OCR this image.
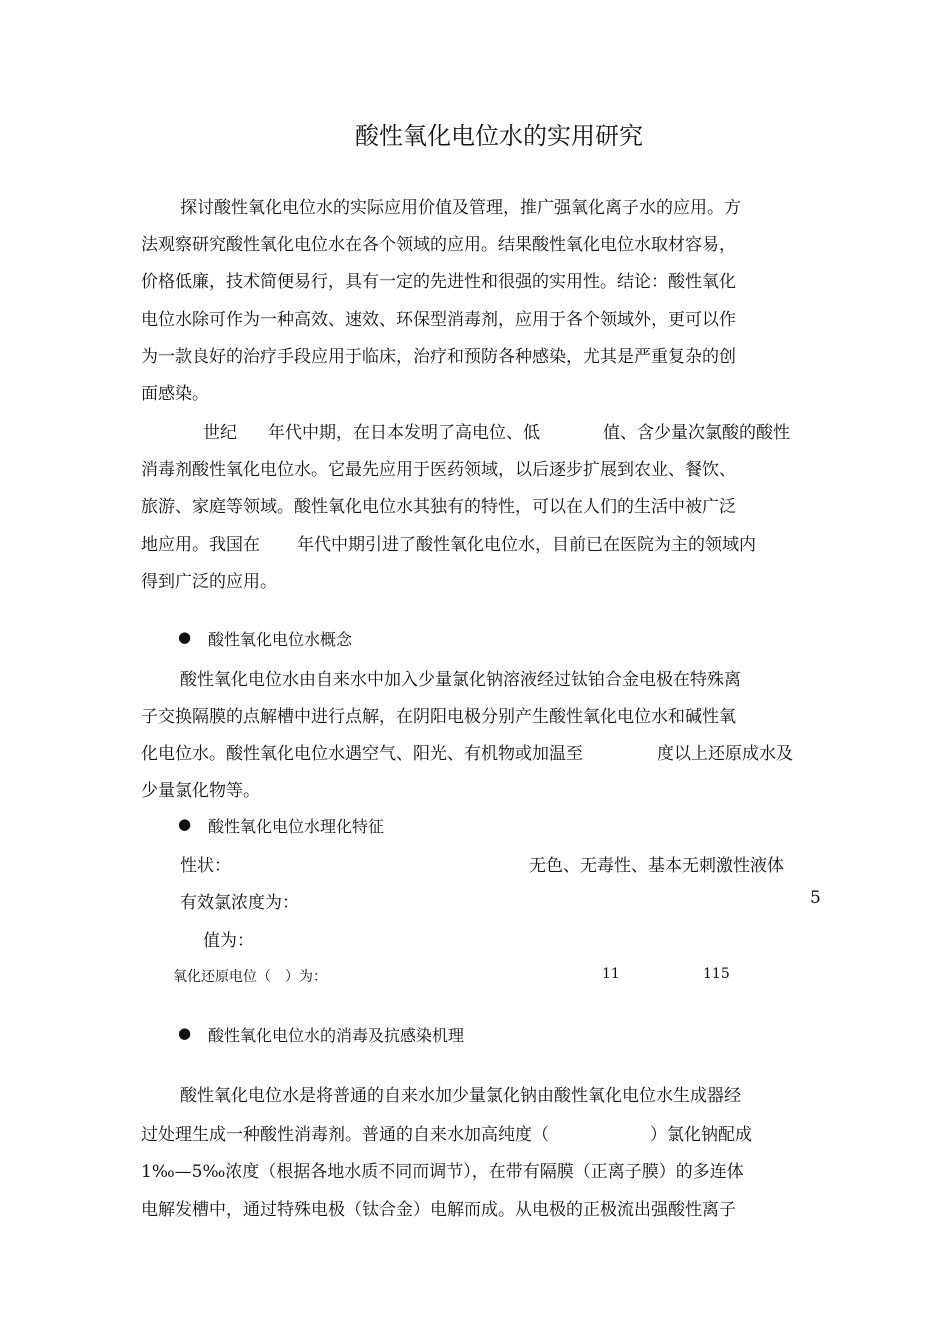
酸性氧化电位水的实用研究
探讨酸性氧化电位水的实际应用价值及管理，推广强氧化离子水的应用。方
法观察研究酸性氧化电位水在各个领域的应用。结果酸性氧化电位水取材容易，
价格低廉，技术简便易行，具有一定的先进性和很强的实用性。结论：酸性氧化
电位水除可作为一种高效、速效、环保型消毒剂，应用于各个领域外，更可以作
为一款良好的治疗手段应用于临床，治疗和预防各种感染，尤其是严重复杂的创
面感染。
世纪 年代中期，在日本发明了高电位、低	值、含少量次氯酸的酸性
消毒剂酸性氧化电位水。它最先应用于医药领域，以后逐步扩展到农业、餐饮、
旅游、家庭等领域。酸性氧化电位水其独有的特性，可以在人们的生活中被广泛
地应用。我国在 年代中期引进了酸性氧化电位水，目前已在医院为主的领域内
得到广泛的应用。
● 酸性氧化电位水概念
酸性氧化电位水由自来水中加入少量氯化钠溶液经过钛铂合金电极在特殊离
子交换隔膜的点解槽中进行点解，在阴阳电极分别产生酸性氧化电位水和碱性氧
化电位水。酸性氧化电位水遇空气、阳光、有机物或加温至	度以上还原成水及
少量氯化物等。
● 酸性氧化电位水理化特征
性状：	无色、无毒性、基本无刺激性液体
有效氯浓度为：	5
值为：
氧化还原电位（　）为：	11	115
● 酸性氧化电位水的消毒及抗感染机理
酸性氧化电位水是将普通的自来水加少量氯化钠由酸性氧化电位水生成器经
过处理生成一种酸性消毒剂。普通的自来水加高纯度（	）氯化钠配成
1‰—5‰浓度（根据各地水质不同而调节），在带有隔膜（正离子膜）的多连体
电解发槽中，通过特殊电极（钛合金）电解而成。从电极的正极流出强酸性离子
